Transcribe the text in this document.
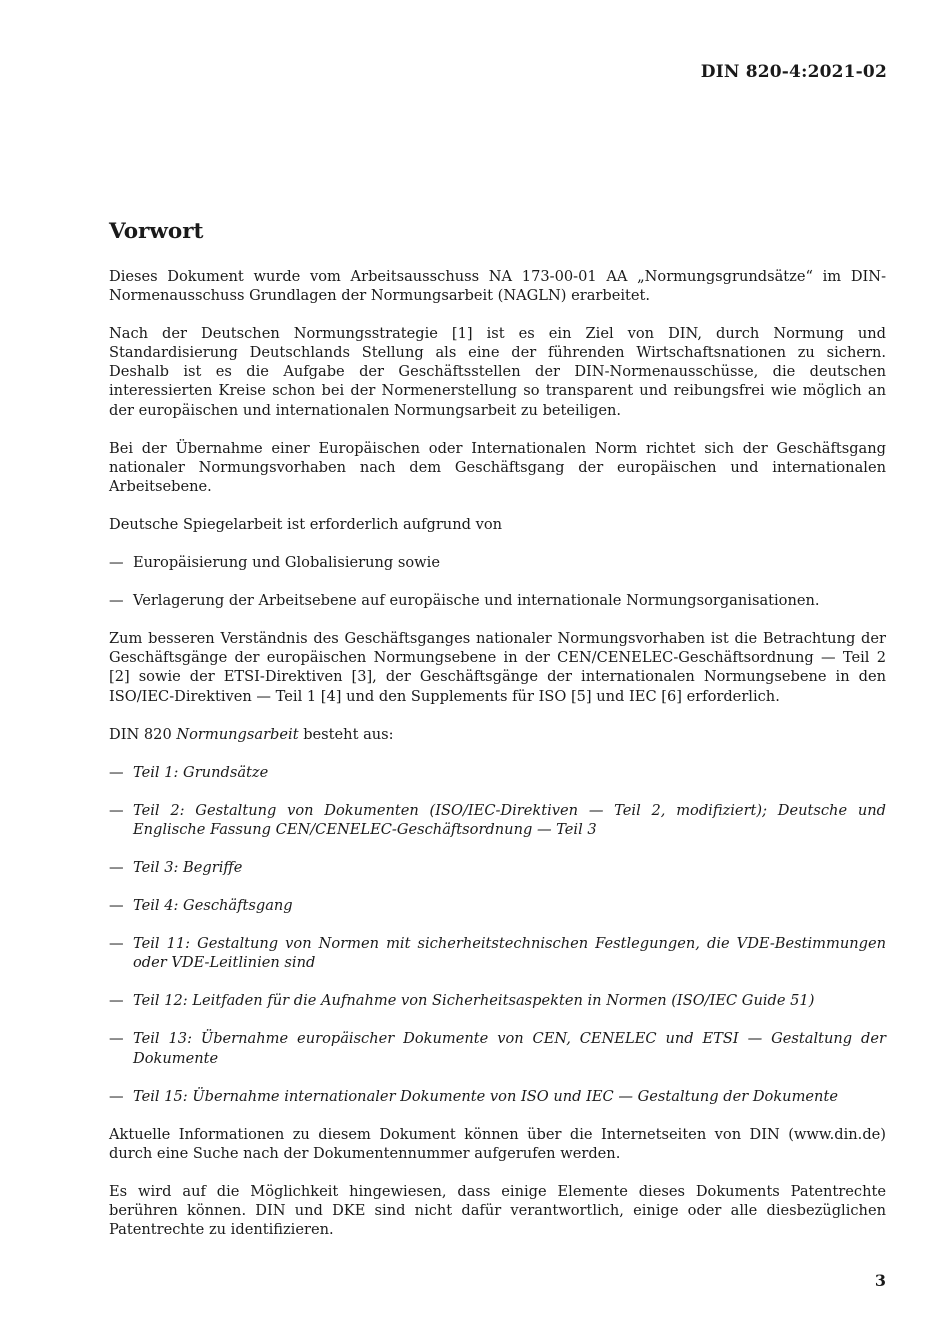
DIN 820-4:2021-02
Vorwort

Dieses Dokument wurde vom Arbeitsausschuss NA 173-00-01 AA „Normungsgrundsätze“ im DIN-Normenausschuss Grundlagen der Normungsarbeit (NAGLN) erarbeitet.

Nach der Deutschen Normungsstrategie [1] ist es ein Ziel von DIN, durch Normung und Standardisierung Deutschlands Stellung als eine der führenden Wirtschaftsnationen zu sichern. Deshalb ist es die Aufgabe der Geschäftsstellen der DIN-Normenausschüsse, die deutschen interessierten Kreise schon bei der Normenerstellung so transparent und reibungsfrei wie möglich an der europäischen und internationalen Normungsarbeit zu beteiligen.

Bei der Übernahme einer Europäischen oder Internationalen Norm richtet sich der Geschäftsgang nationaler Normungsvorhaben nach dem Geschäftsgang der europäischen und internationalen Arbeitsebene.

Deutsche Spiegelarbeit ist erforderlich aufgrund von

— Europäisierung und Globalisierung sowie
— Verlagerung der Arbeitsebene auf europäische und internationale Normungsorganisationen.

Zum besseren Verständnis des Geschäftsganges nationaler Normungsvorhaben ist die Betrachtung der Geschäftsgänge der europäischen Normungsebene in der CEN/CENELEC-Geschäftsordnung — Teil 2 [2] sowie der ETSI-Direktiven [3], der Geschäftsgänge der internationalen Normungsebene in den ISO/IEC-Direktiven — Teil 1 [4] und den Supplements für ISO [5] und IEC [6] erforderlich.

DIN 820 Normungsarbeit besteht aus:

— Teil 1: Grundsätze
— Teil 2: Gestaltung von Dokumenten (ISO/IEC-Direktiven — Teil 2, modifiziert); Deutsche und Englische Fassung CEN/CENELEC-Geschäftsordnung — Teil 3
— Teil 3: Begriffe
— Teil 4: Geschäftsgang
— Teil 11: Gestaltung von Normen mit sicherheitstechnischen Festlegungen, die VDE-Bestimmungen oder VDE-Leitlinien sind
— Teil 12: Leitfaden für die Aufnahme von Sicherheitsaspekten in Normen (ISO/IEC Guide 51)
— Teil 13: Übernahme europäischer Dokumente von CEN, CENELEC und ETSI — Gestaltung der Dokumente
— Teil 15: Übernahme internationaler Dokumente von ISO und IEC — Gestaltung der Dokumente

Aktuelle Informationen zu diesem Dokument können über die Internetseiten von DIN (www.din.de) durch eine Suche nach der Dokumentennummer aufgerufen werden.

Es wird auf die Möglichkeit hingewiesen, dass einige Elemente dieses Dokuments Patentrechte berühren können. DIN und DKE sind nicht dafür verantwortlich, einige oder alle diesbezüglichen Patentrechte zu identifizieren.

3
